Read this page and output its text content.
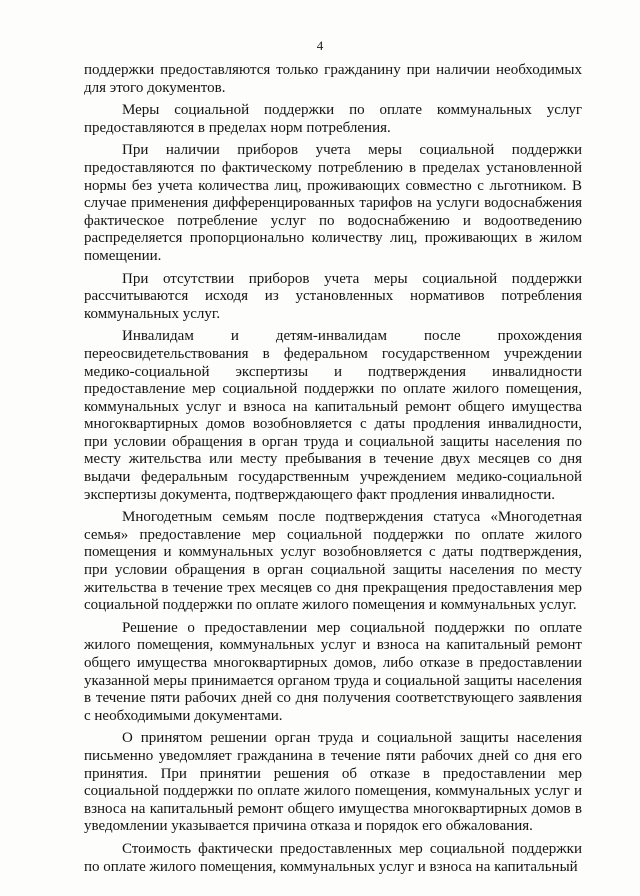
4

поддержки предоставляются только гражданину при наличии необходимых для этого документов.

Меры социальной поддержки по оплате коммунальных услуг предоставляются в пределах норм потребления.

При наличии приборов учета меры социальной поддержки предоставляются по фактическому потреблению в пределах установленной нормы без учета количества лиц, проживающих совместно с льготником. В случае применения дифференцированных тарифов на услуги водоснабжения фактическое потребление услуг по водоснабжению и водоотведению распределяется пропорционально количеству лиц, проживающих в жилом помещении.

При отсутствии приборов учета меры социальной поддержки рассчитываются исходя из установленных нормативов потребления коммунальных услуг.

Инвалидам и детям-инвалидам после прохождения переосвидетельствования в федеральном государственном учреждении медико-социальной экспертизы и подтверждения инвалидности предоставление мер социальной поддержки по оплате жилого помещения, коммунальных услуг и взноса на капитальный ремонт общего имущества многоквартирных домов возобновляется с даты продления инвалидности, при условии обращения в орган труда и социальной защиты населения по месту жительства или месту пребывания в течение двух месяцев со дня выдачи федеральным государственным учреждением медико-социальной экспертизы документа, подтверждающего факт продления инвалидности.

Многодетным семьям после подтверждения статуса «Многодетная семья» предоставление мер социальной поддержки по оплате жилого помещения и коммунальных услуг возобновляется с даты подтверждения, при условии обращения в орган социальной защиты населения по месту жительства в течение трех месяцев со дня прекращения предоставления мер социальной поддержки по оплате жилого помещения и коммунальных услуг.

Решение о предоставлении мер социальной поддержки по оплате жилого помещения, коммунальных услуг и взноса на капитальный ремонт общего имущества многоквартирных домов, либо отказе в предоставлении указанной меры принимается органом труда и социальной защиты населения в течение пяти рабочих дней со дня получения соответствующего заявления с необходимыми документами.

О принятом решении орган труда и социальной защиты населения письменно уведомляет гражданина в течение пяти рабочих дней со дня его принятия. При принятии решения об отказе в предоставлении мер социальной поддержки по оплате жилого помещения, коммунальных услуг и взноса на капитальный ремонт общего имущества многоквартирных домов в уведомлении указывается причина отказа и порядок его обжалования.

Стоимость фактически предоставленных мер социальной поддержки по оплате жилого помещения, коммунальных услуг и взноса на капитальный
